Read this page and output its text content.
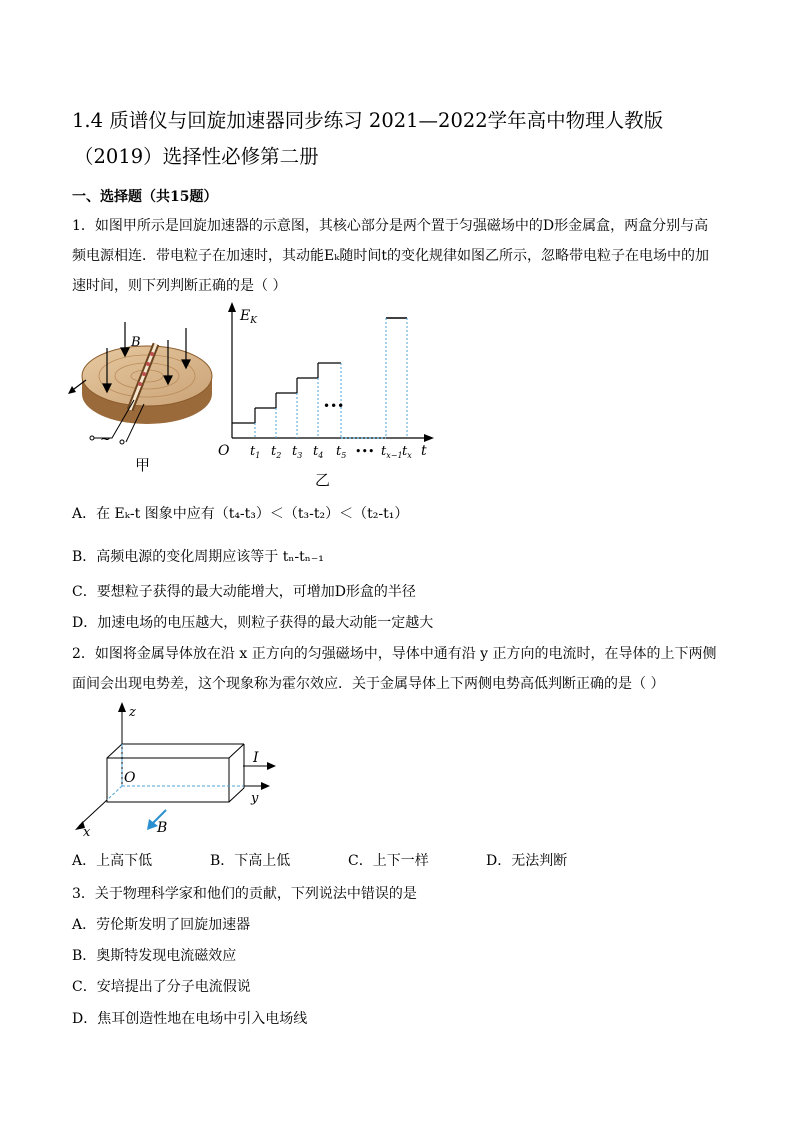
1.4 质谱仪与回旋加速器同步练习 2021—2022学年高中物理人教版
（2019）选择性必修第二册
一、选择题（共15题）
1．如图甲所示是回旋加速器的示意图，其核心部分是两个置于匀强磁场中的D形金属盒，两盒分别与高
频电源相连．带电粒子在加速时，其动能Eₖ随时间t的变化规律如图乙所示，忽略带电粒子在电场中的加
速时间，则下列判断正确的是（ ）
B
~
甲
$E_K$
t
O $t_1$ $t_2$ $t_3$ $t_4$ $t_5$ ••• $t_{x-1}$ $t_x$
•••
乙
A．在 Eₖ-t 图象中应有（t₄-t₃）＜（t₃-t₂）＜（t₂-t₁）
B．高频电源的变化周期应该等于 tₙ-tₙ₋₁
C．要想粒子获得的最大动能增大，可增加D形盒的半径
D．加速电场的电压越大，则粒子获得的最大动能一定越大
2．如图将金属导体放在沿 x 正方向的匀强磁场中，导体中通有沿 y 正方向的电流时，在导体的上下两侧
面间会出现电势差，这个现象称为霍尔效应．关于金属导体上下两侧电势高低判断正确的是（ ）
z
y
x
O
I
B
A．上高下低	B．下高上低	C．上下一样	D．无法判断
3．关于物理科学家和他们的贡献，下列说法中错误的是
A．劳伦斯发明了回旋加速器
B．奥斯特发现电流磁效应
C．安培提出了分子电流假说
D．焦耳创造性地在电场中引入电场线
